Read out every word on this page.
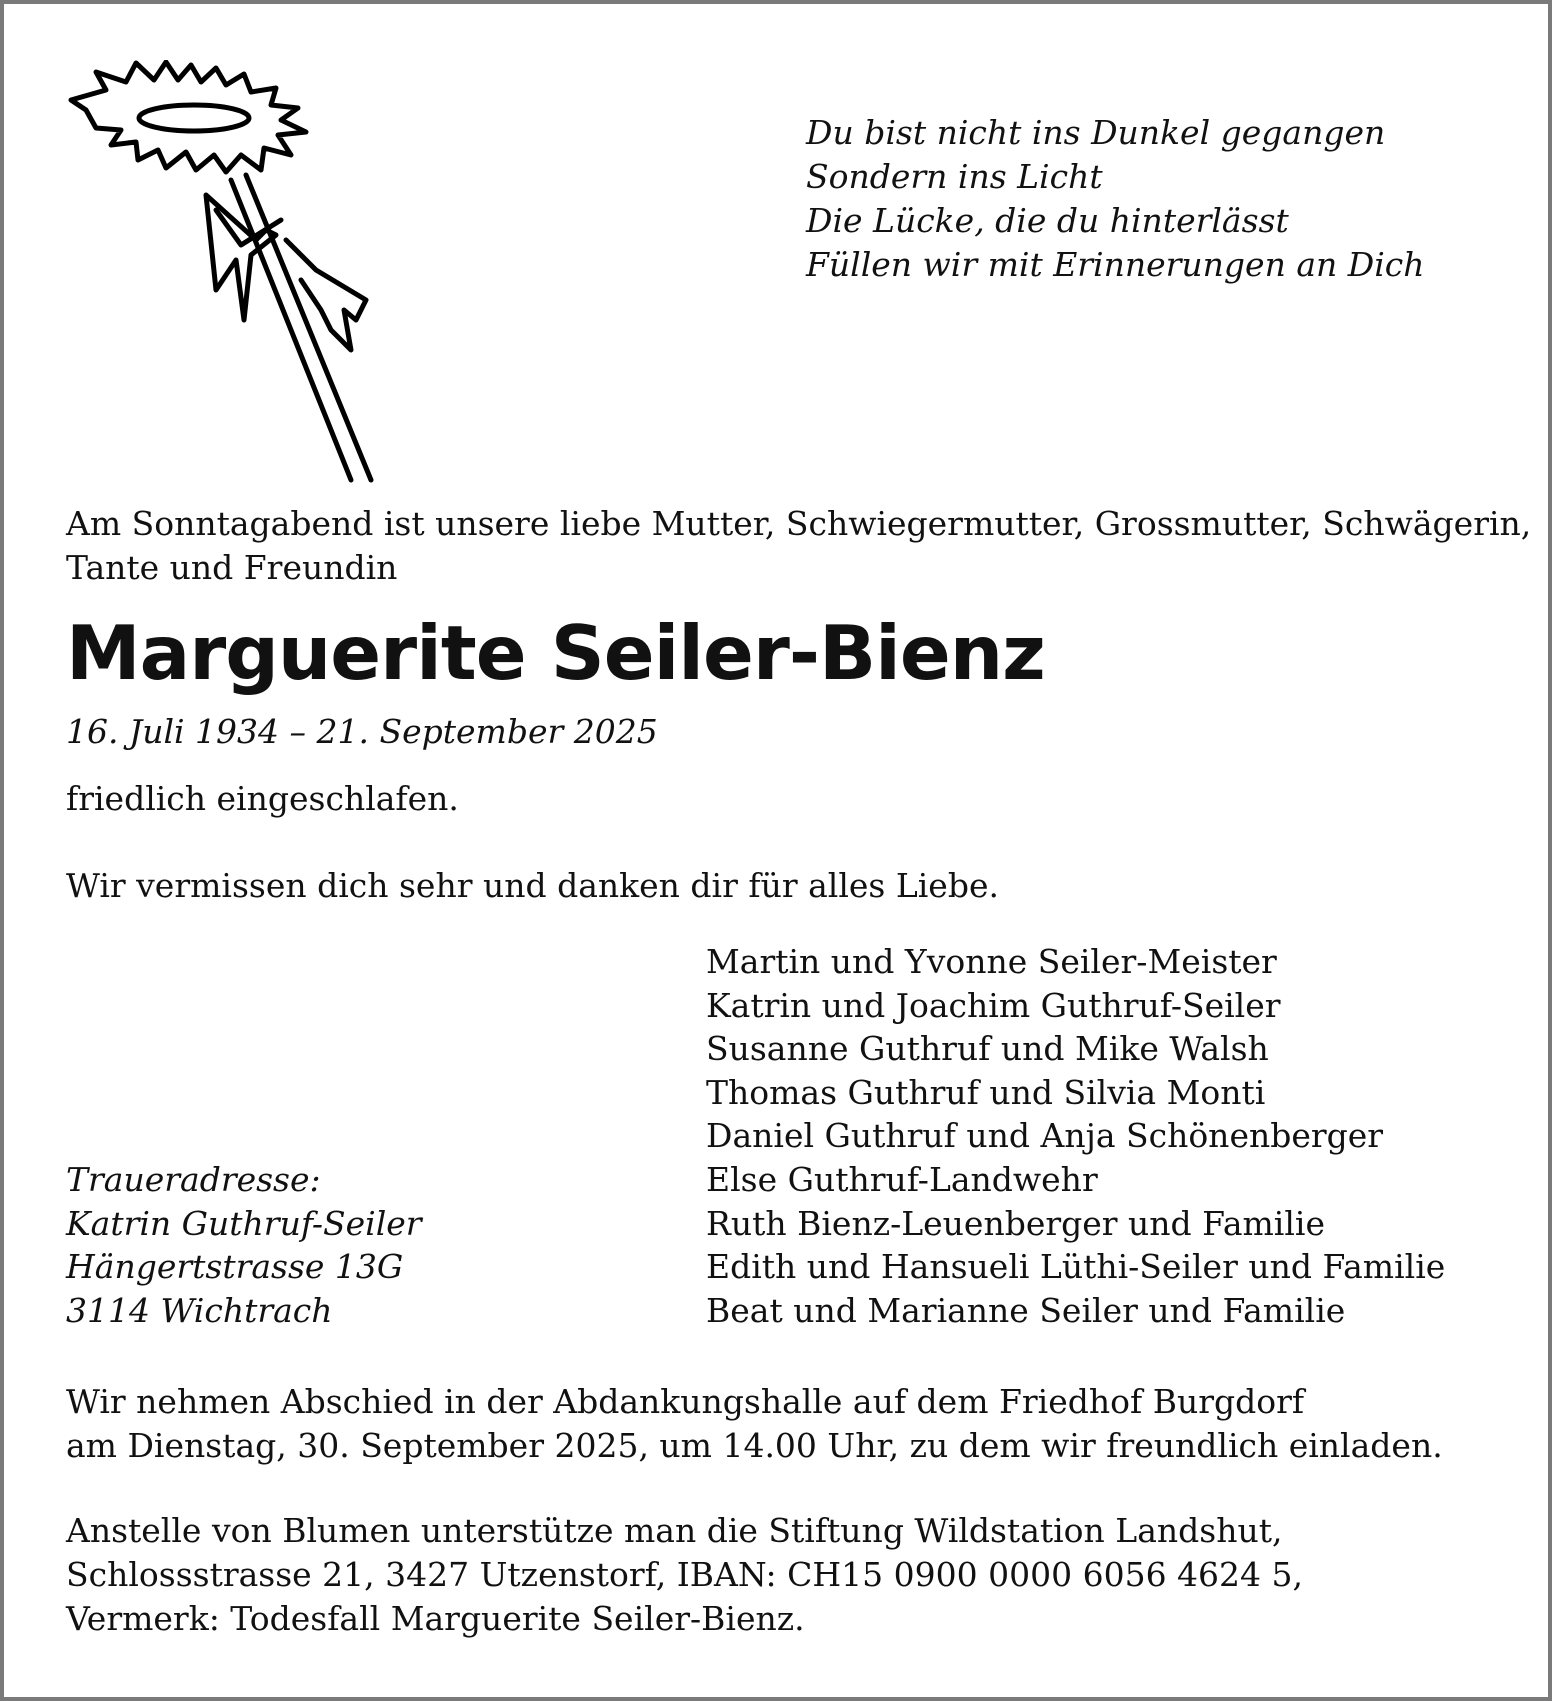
Du bist nicht ins Dunkel gegangen
Sondern ins Licht
Die Lücke, die du hinterlässt
Füllen wir mit Erinnerungen an Dich
Am Sonntagabend ist unsere liebe Mutter, Schwiegermutter, Grossmutter, Schwägerin,
Tante und Freundin
Marguerite Seiler-Bienz
16. Juli 1934 – 21. September 2025
friedlich eingeschlafen.
Wir vermissen dich sehr und danken dir für alles Liebe.
Martin und Yvonne Seiler-Meister
Katrin und Joachim Guthruf-Seiler
Susanne Guthruf und Mike Walsh
Thomas Guthruf und Silvia Monti
Daniel Guthruf und Anja Schönenberger
Else Guthruf-Landwehr
Ruth Bienz-Leuenberger und Familie
Edith und Hansueli Lüthi-Seiler und Familie
Beat und Marianne Seiler und Familie
Traueradresse:
Katrin Guthruf-Seiler
Hängertstrasse 13G
3114 Wichtrach
Wir nehmen Abschied in der Abdankungshalle auf dem Friedhof Burgdorf
am Dienstag, 30. September 2025, um 14.00 Uhr, zu dem wir freundlich einladen.
Anstelle von Blumen unterstütze man die Stiftung Wildstation Landshut,
Schlossstrasse 21, 3427 Utzenstorf, IBAN: CH15 0900 0000 6056 4624 5,
Vermerk: Todesfall Marguerite Seiler-Bienz.
